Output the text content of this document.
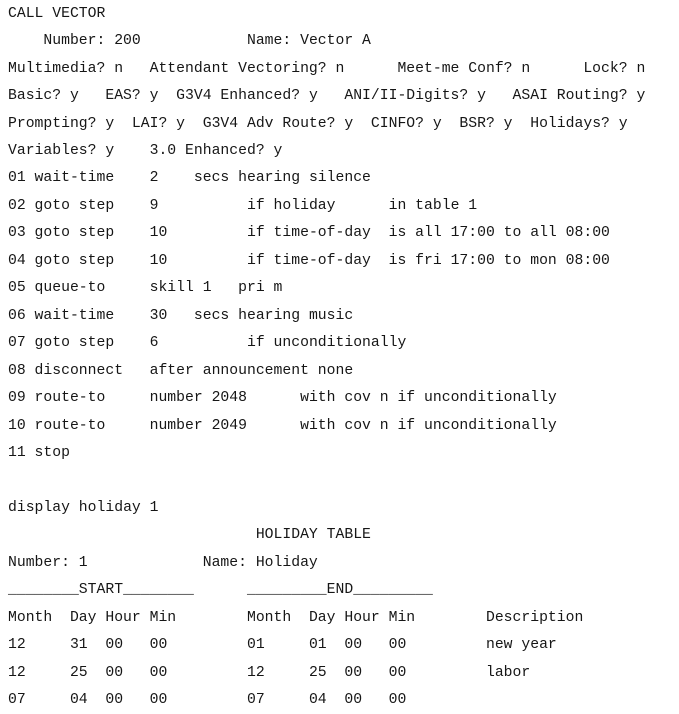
CALL VECTOR
Number: 200	Name: Vector A
Multimedia? n Attendant Vectoring? n	Meet-me Conf? n	Lock? n
Basic? y EAS? y G3V4 Enhanced? y ANI/II-Digits? y ASAI Routing? y
Prompting? y LAI? y G3V4 Adv Route? y CINFO? y BSR? y Holidays? y
Variables? y 3.0 Enhanced? y
01 wait-time 2 secs hearing silence
02 goto step 9	if holiday	in table 1
03 goto step 10	if time-of-day is all 17:00 to all 08:00
04 goto step 10	if time-of-day is fri 17:00 to mon 08:00
05 queue-to	skill 1 pri m
06 wait-time 30 secs hearing music
07 goto step 6	if unconditionally
08 disconnect after announcement none
09 route-to	number 2048	with cov n if unconditionally
10 route-to	number 2049	with cov n if unconditionally
11 stop
display holiday 1
HOLIDAY TABLE
Number: 1	Name: Holiday
________START________	_________END_________
Month Day Hour Min	Month Day Hour Min	Description
12	31 00 00	01	01 00 00	new year
12	25 00 00	12	25 00 00	labor
07	04 00 00	07	04 00 00
